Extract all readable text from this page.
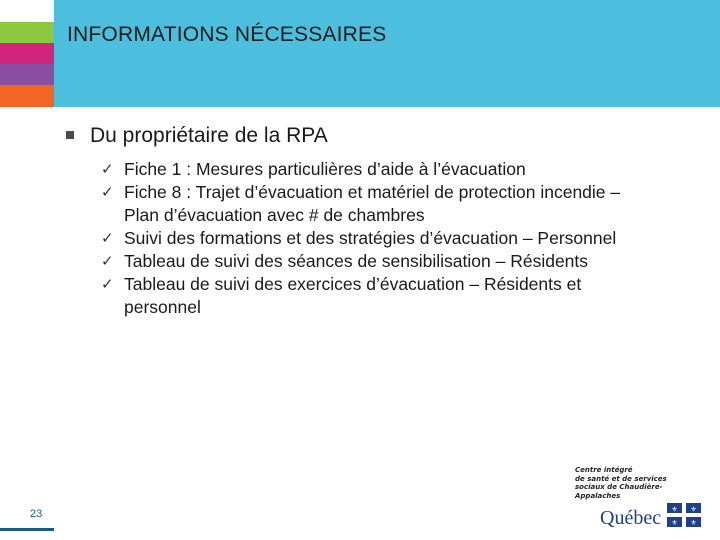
INFORMATIONS NÉCESSAIRES
Du propriétaire de la RPA
✓ Fiche 1 : Mesures particulières d’aide à l’évacuation
✓ Fiche 8 : Trajet d’évacuation et matériel de protection incendie –
Plan d’évacuation avec # de chambres
✓ Suivi des formations et des stratégies d’évacuation – Personnel
✓ Tableau de suivi des séances de sensibilisation – Résidents
✓ Tableau de suivi des exercices d’évacuation – Résidents et
personnel
23
Centre intégré
de santé et de services
sociaux de Chaudière-
Appalaches
Québec ⚜ ⚜
⚜ ⚜
